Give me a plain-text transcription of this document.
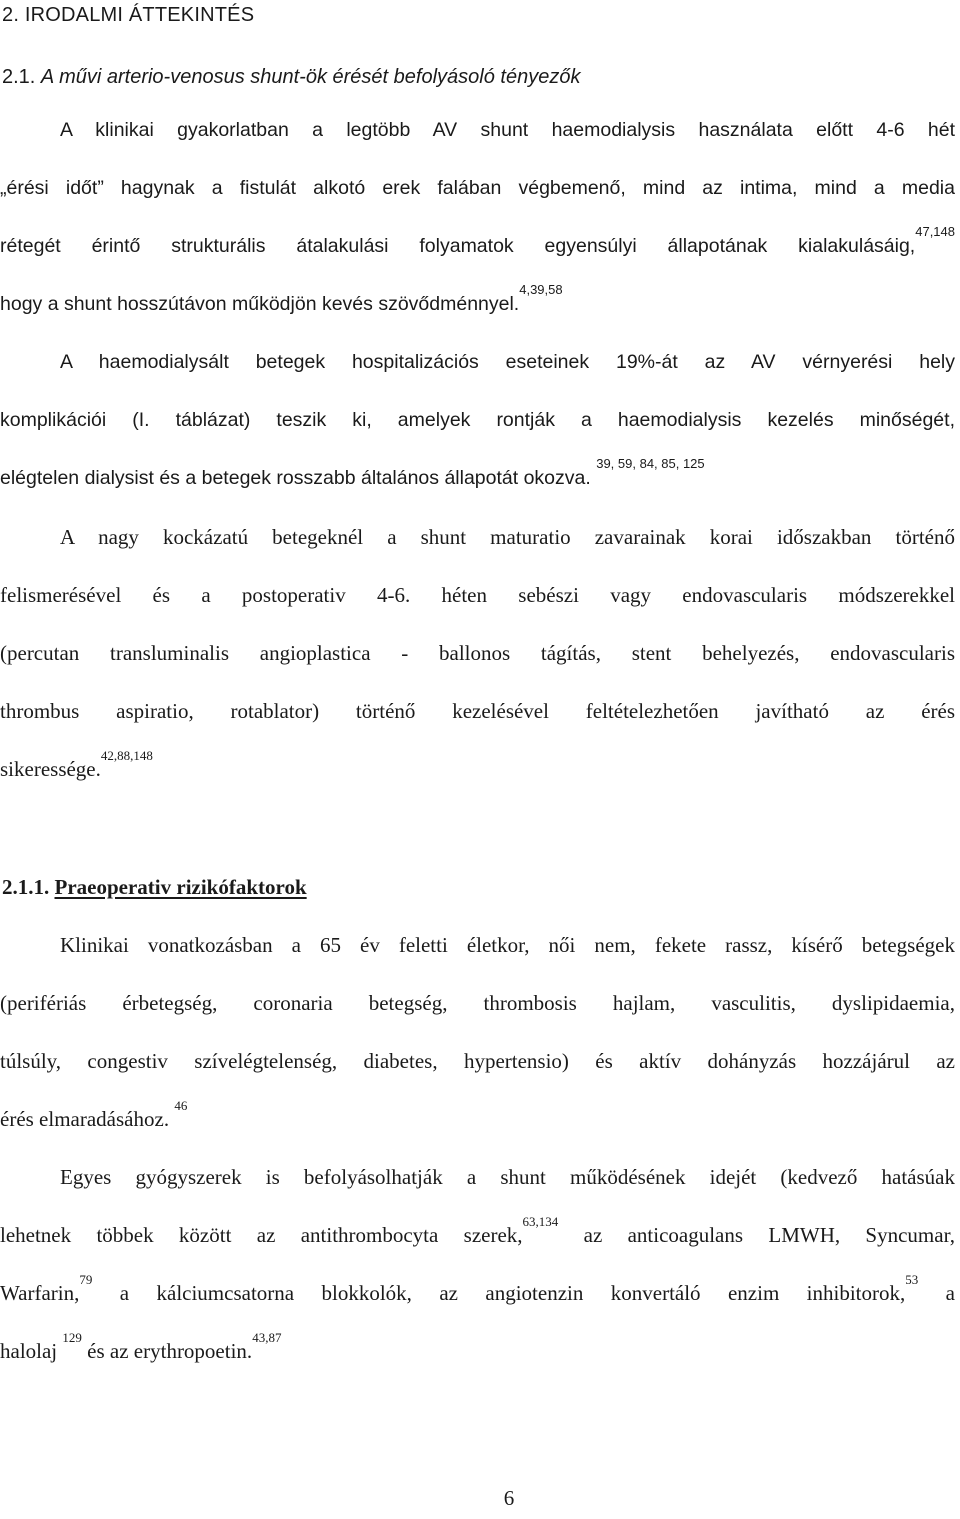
2. IRODALMI ÁTTEKINTÉS
2.1. A művi arterio-venosus shunt-ök érését befolyásoló tényezők

A klinikai gyakorlatban a legtöbb AV shunt haemodialysis használata előtt 4-6 hét
„érési időt” hagynak a fistulát alkotó erek falában végbemenő, mind az intima, mind a media
rétegét érintő strukturális átalakulási folyamatok egyensúlyi állapotának kialakulásáig,$^{47,148}$
hogy a shunt hosszútávon működjön kevés szövődménnyel.$^{4,39,58}$

A haemodialysált betegek hospitalizációs eseteinek 19%-át az AV vérnyerési hely
komplikációi (I. táblázat) teszik ki, amelyek rontják a haemodialysis kezelés minőségét,
elégtelen dialysist és a betegek rosszabb általános állapotát okozva. $^{39, 59, 84, 85, 125}$

A nagy kockázatú betegeknél a shunt maturatio zavarainak korai időszakban történő
felismerésével és a postoperativ 4-6. héten sebészi vagy endovascularis módszerekkel
(percutan transluminalis angioplastica - ballonos tágítás, stent behelyezés, endovascularis
thrombus aspiratio, rotablator) történő kezelésével feltételezhetően javítható az érés
sikeressége.$^{42,88,148}$

2.1.1. Praeoperativ rizikófaktorok

Klinikai vonatkozásban a 65 év feletti életkor, női nem, fekete rassz, kísérő betegségek
(perifériás érbetegség, coronaria betegség, thrombosis hajlam, vasculitis, dyslipidaemia,
túlsúly, congestiv szívelégtelenség, diabetes, hypertensio) és aktív dohányzás hozzájárul az
érés elmaradásához. $^{46}$

Egyes gyógyszerek is befolyásolhatják a shunt működésének idejét (kedvező hatásúak
lehetnek többek között az antithrombocyta szerek,$^{63,134}$ az anticoagulans LMWH, Syncumar,
Warfarin,$^{79}$ a kálciumcsatorna blokkolók, az angiotenzin konvertáló enzim inhibitorok,$^{53}$ a
halolaj $^{129}$ és az erythropoetin.$^{43,87}$

6
